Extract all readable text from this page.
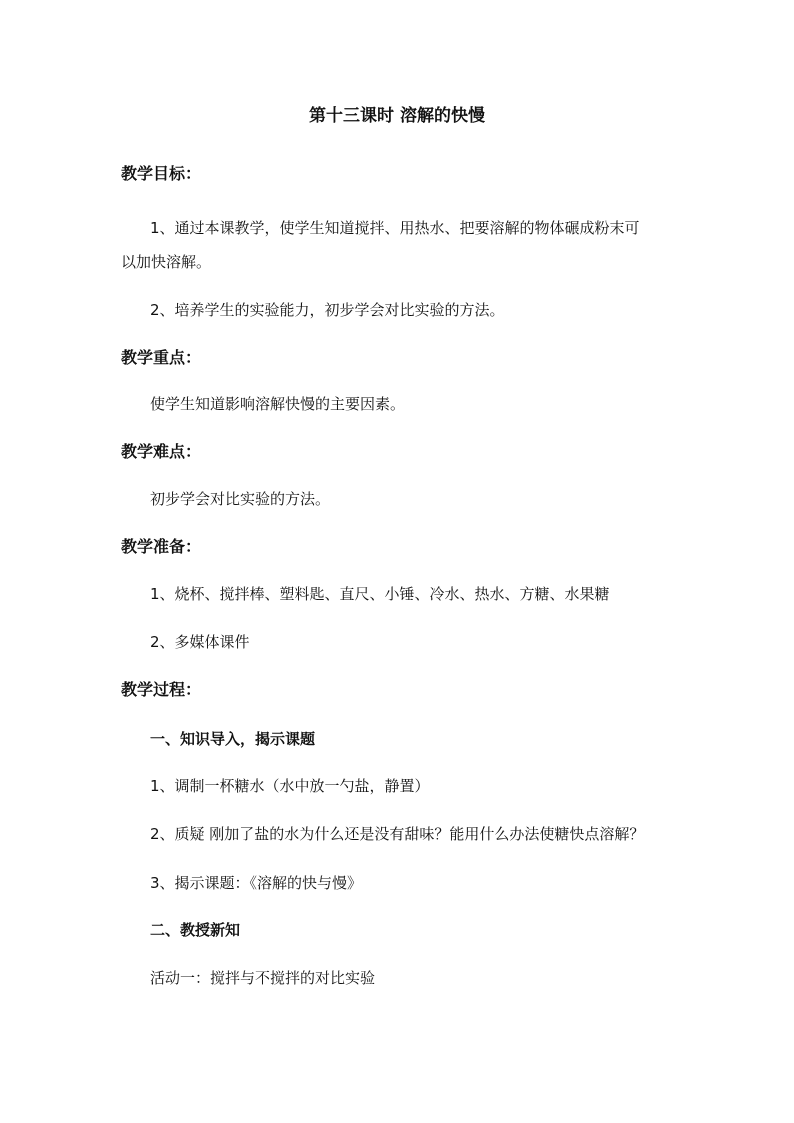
第十三课时 溶解的快慢
教学目标：
1、通过本课教学，使学生知道搅拌、用热水、把要溶解的物体碾成粉末可
以加快溶解。
2、培养学生的实验能力，初步学会对比实验的方法。
教学重点：
使学生知道影响溶解快慢的主要因素。
教学难点：
初步学会对比实验的方法。
教学准备：
1、烧杯、搅拌棒、塑料匙、直尺、小锤、冷水、热水、方糖、水果糖
2、多媒体课件
教学过程：
一、知识导入，揭示课题
1、调制一杯糖水（水中放一勺盐，静置）
2、质疑 刚加了盐的水为什么还是没有甜味？能用什么办法使糖快点溶解？
3、揭示课题：《溶解的快与慢》
二、教授新知
活动一：搅拌与不搅拌的对比实验
